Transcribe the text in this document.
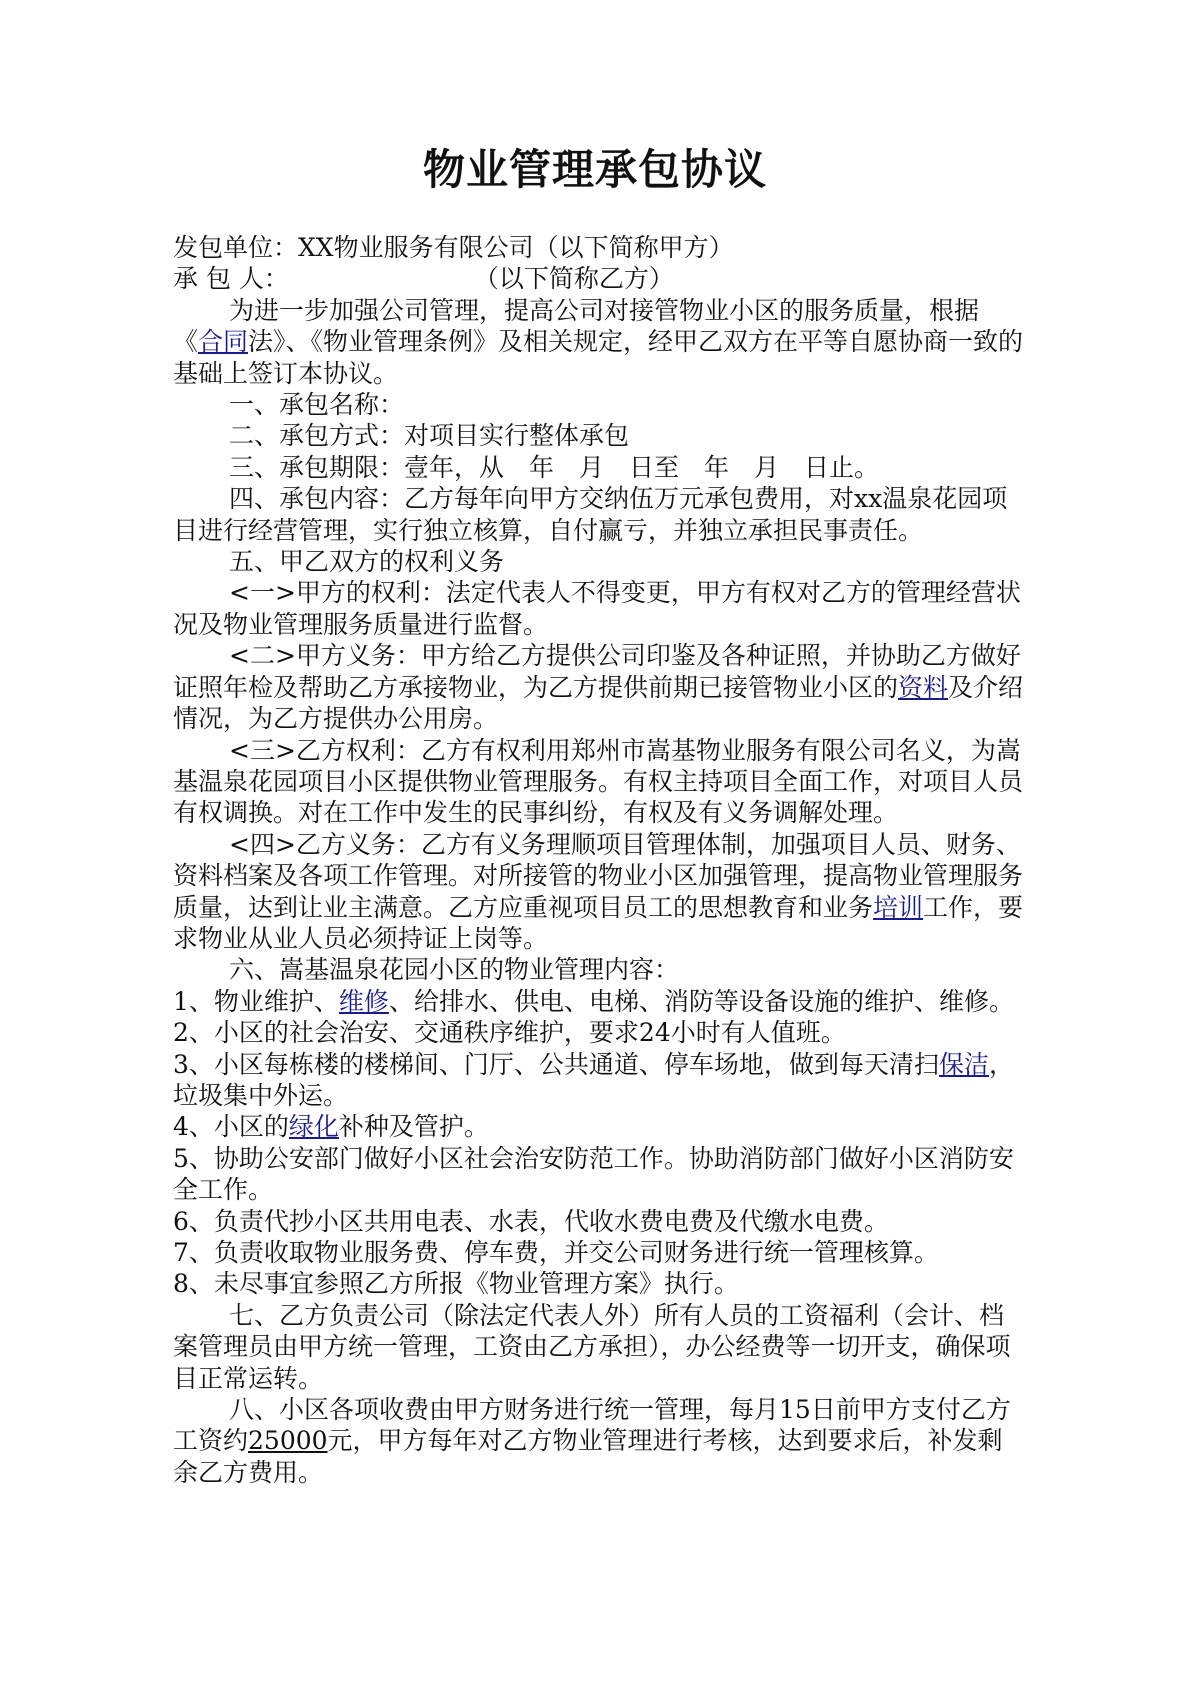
物业管理承包协议

发包单位：XX物业服务有限公司（以下简称甲方）

承 包 人：	（以下简称乙方）

为进一步加强公司管理，提高公司对接管物业小区的服务质量，根据《合同法》、《物业管理条例》及相关规定，经甲乙双方在平等自愿协商一致的基础上签订本协议。

一、承包名称：

二、承包方式：对项目实行整体承包

三、承包期限：壹年，从　年　月　日至　年　月　日止。

四、承包内容：乙方每年向甲方交纳伍万元承包费用，对xx温泉花园项目进行经营管理，实行独立核算，自付赢亏，并独立承担民事责任。

五、甲乙双方的权利义务

<一>甲方的权利：法定代表人不得变更，甲方有权对乙方的管理经营状况及物业管理服务质量进行监督。

<二>甲方义务：甲方给乙方提供公司印鉴及各种证照，并协助乙方做好证照年检及帮助乙方承接物业，为乙方提供前期已接管物业小区的资料及介绍情况，为乙方提供办公用房。

<三>乙方权利：乙方有权利用郑州市嵩基物业服务有限公司名义，为嵩基温泉花园项目小区提供物业管理服务。有权主持项目全面工作，对项目人员有权调换。对在工作中发生的民事纠纷，有权及有义务调解处理。

<四>乙方义务：乙方有义务理顺项目管理体制，加强项目人员、财务、资料档案及各项工作管理。对所接管的物业小区加强管理，提高物业管理服务质量，达到让业主满意。乙方应重视项目员工的思想教育和业务培训工作，要求物业从业人员必须持证上岗等。

六、嵩基温泉花园小区的物业管理内容：

1、物业维护、维修、给排水、供电、电梯、消防等设备设施的维护、维修。

2、小区的社会治安、交通秩序维护，要求24小时有人值班。

3、小区每栋楼的楼梯间、门厅、公共通道、停车场地，做到每天清扫保洁，垃圾集中外运。

4、小区的绿化补种及管护。

5、协助公安部门做好小区社会治安防范工作。协助消防部门做好小区消防安全工作。

6、负责代抄小区共用电表、水表，代收水费电费及代缴水电费。

7、负责收取物业服务费、停车费，并交公司财务进行统一管理核算。

8、未尽事宜参照乙方所报《物业管理方案》执行。

七、乙方负责公司（除法定代表人外）所有人员的工资福利（会计、档案管理员由甲方统一管理，工资由乙方承担），办公经费等一切开支，确保项目正常运转。

八、小区各项收费由甲方财务进行统一管理，每月15日前甲方支付乙方工资约25000元，甲方每年对乙方物业管理进行考核，达到要求后，补发剩余乙方费用。
